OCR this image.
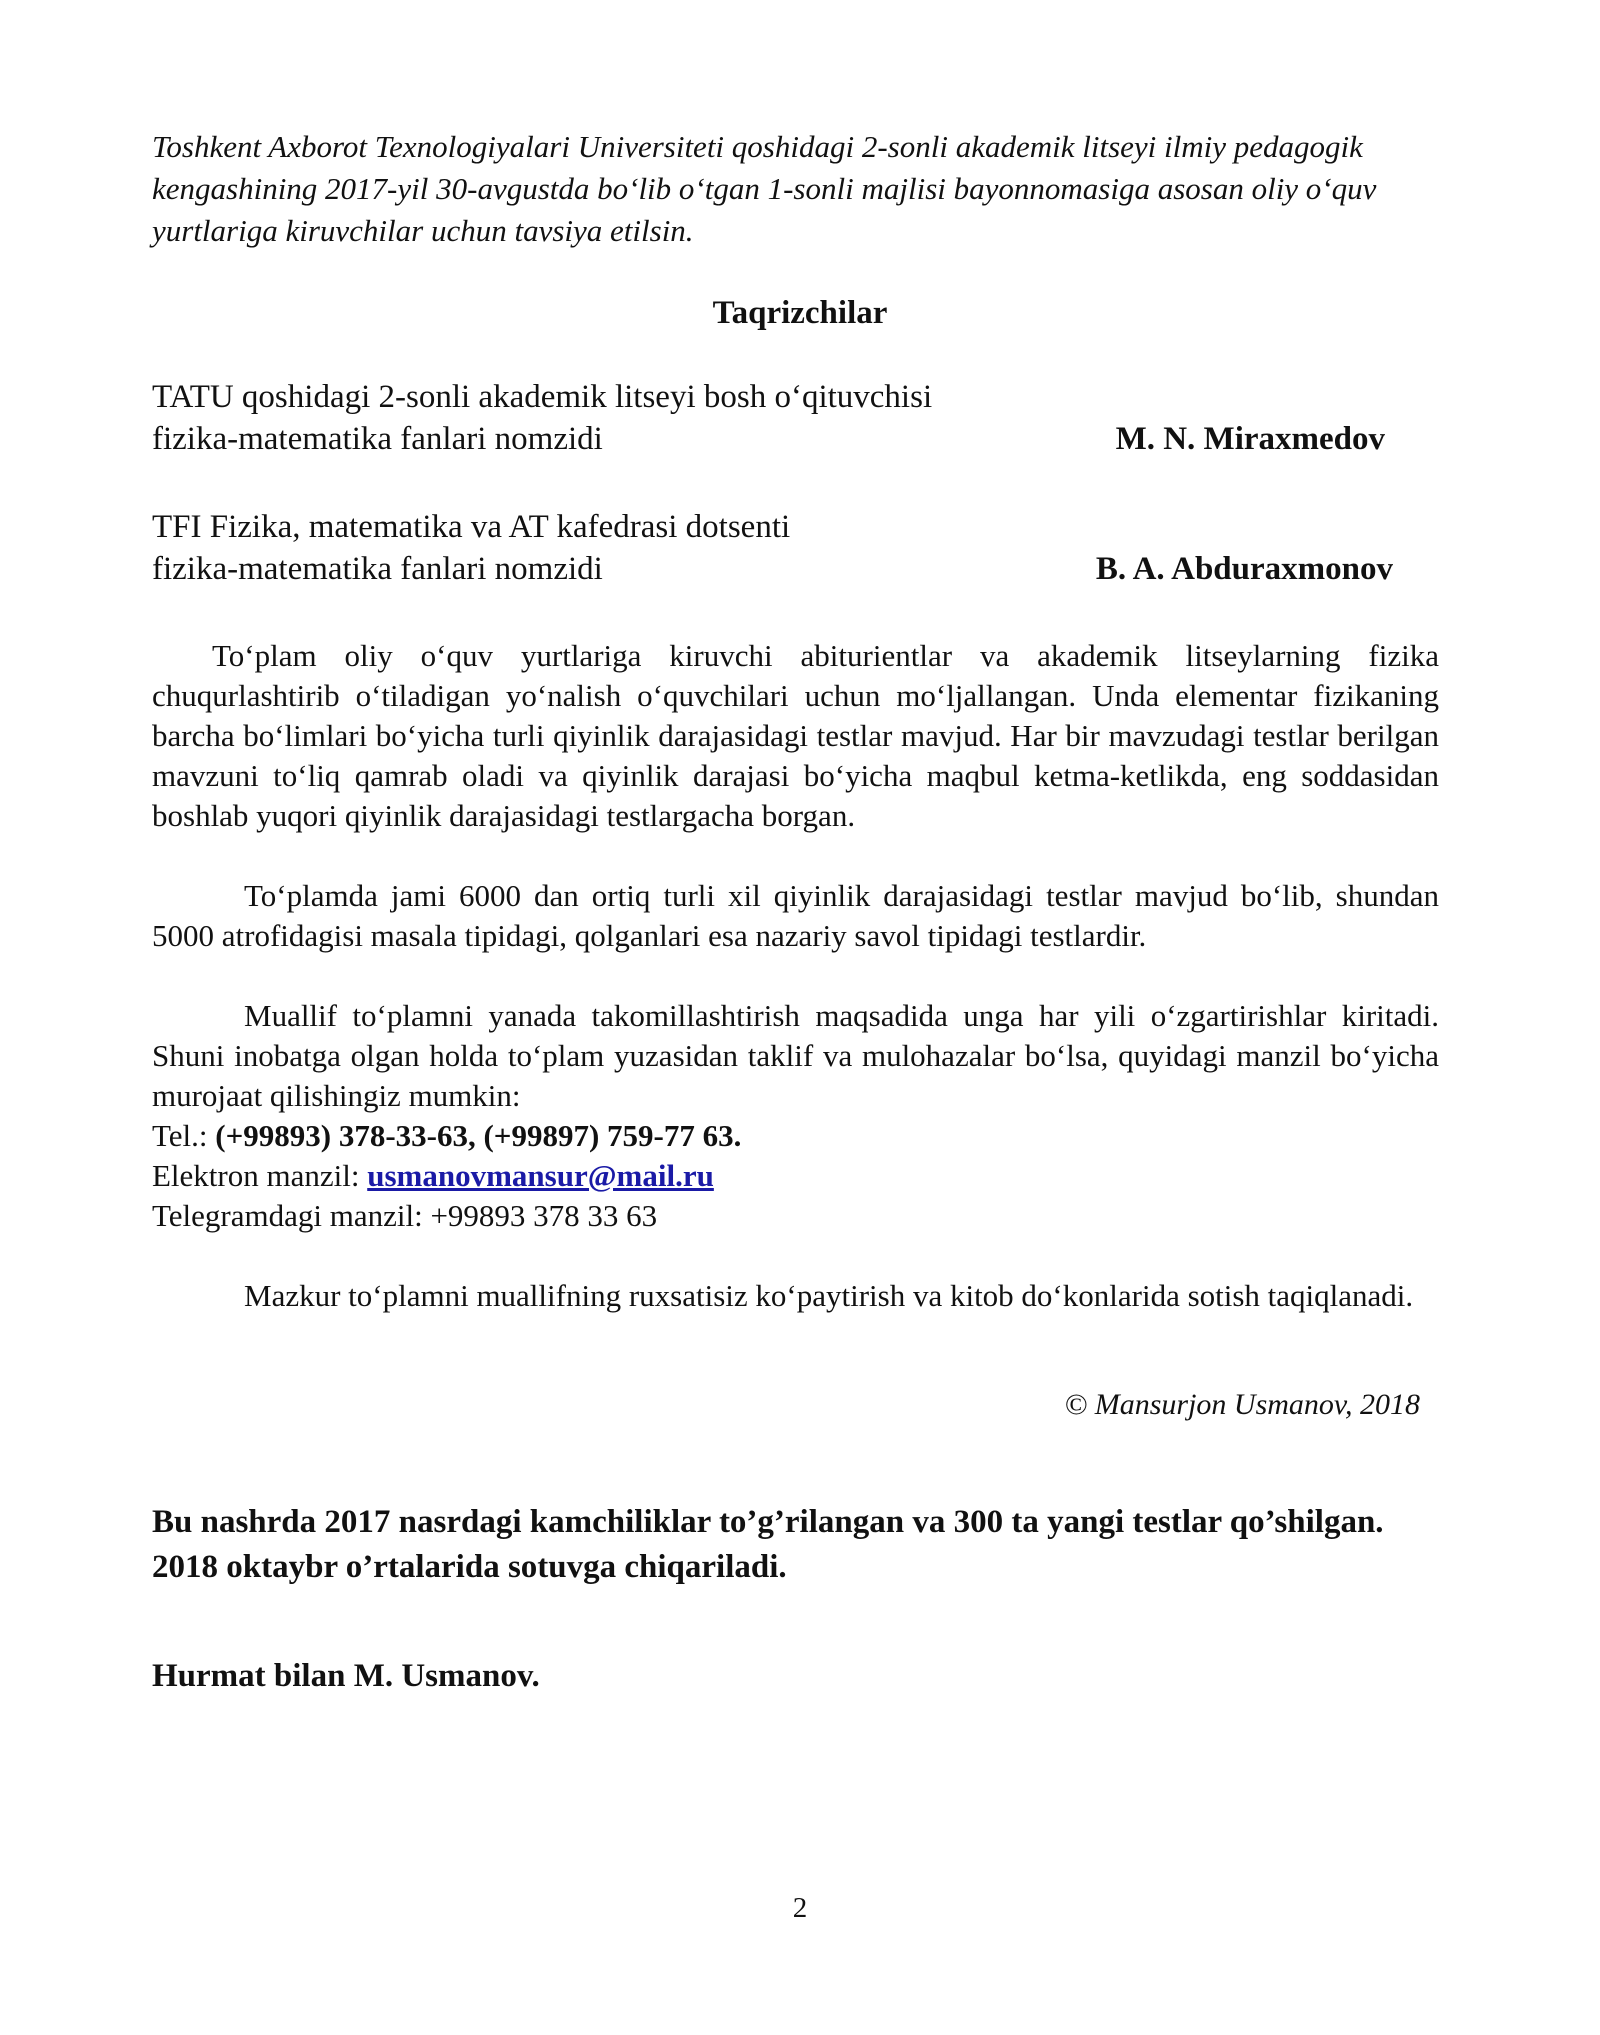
Toshkent Axborot Texnologiyalari Universiteti qoshidagi 2-sonli akademik litseyi ilmiy pedagogik kengashining 2017-yil 30-avgustda bo‘lib o‘tgan 1-sonli majlisi bayonnomasiga asosan oliy o‘quv yurtlariga kiruvchilar uchun tavsiya etilsin.

Taqrizchilar
TATU qoshidagi 2-sonli akademik litseyi bosh o‘qituvchisi
fizika-matematika fanlari nomzidi	M. N. Miraxmedov
TFI Fizika, matematika va AT kafedrasi dotsenti
fizika-matematika fanlari nomzidi	B. A. Abduraxmonov

To‘plam oliy o‘quv yurtlariga kiruvchi abiturientlar va akademik litseylarning fizika chuqurlashtirib o‘tiladigan yo‘nalish o‘quvchilari uchun mo‘ljallangan. Unda elementar fizikaning barcha bo‘limlari bo‘yicha turli qiyinlik darajasidagi testlar mavjud. Har bir mavzudagi testlar berilgan mavzuni to‘liq qamrab oladi va qiyinlik darajasi bo‘yicha maqbul ketma-ketlikda, eng soddasidan boshlab yuqori qiyinlik darajasidagi testlargacha borgan.

To‘plamda jami 6000 dan ortiq turli xil qiyinlik darajasidagi testlar mavjud bo‘lib, shundan 5000 atrofidagisi masala tipidagi, qolganlari esa nazariy savol tipidagi testlardir.

Muallif to‘plamni yanada takomillashtirish maqsadida unga har yili o‘zgartirishlar kiritadi. Shuni inobatga olgan holda to‘plam yuzasidan taklif va mulohazalar bo‘lsa, quyidagi manzil bo‘yicha murojaat qilishingiz mumkin:

Tel.: (+99893) 378-33-63, (+99897) 759-77 63.
Elektron manzil: usmanovmansur@mail.ru
Telegramdagi manzil: +99893 378 33 63

Mazkur to‘plamni muallifning ruxsatisiz ko‘paytirish va kitob do‘konlarida sotish taqiqlanadi.

© Mansurjon Usmanov, 2018

Bu nashrda 2017 nasrdagi kamchiliklar to’g’rilangan va 300 ta yangi testlar qo’shilgan. 2018 oktaybr o’rtalarida sotuvga chiqariladi.

Hurmat bilan M. Usmanov.
2
